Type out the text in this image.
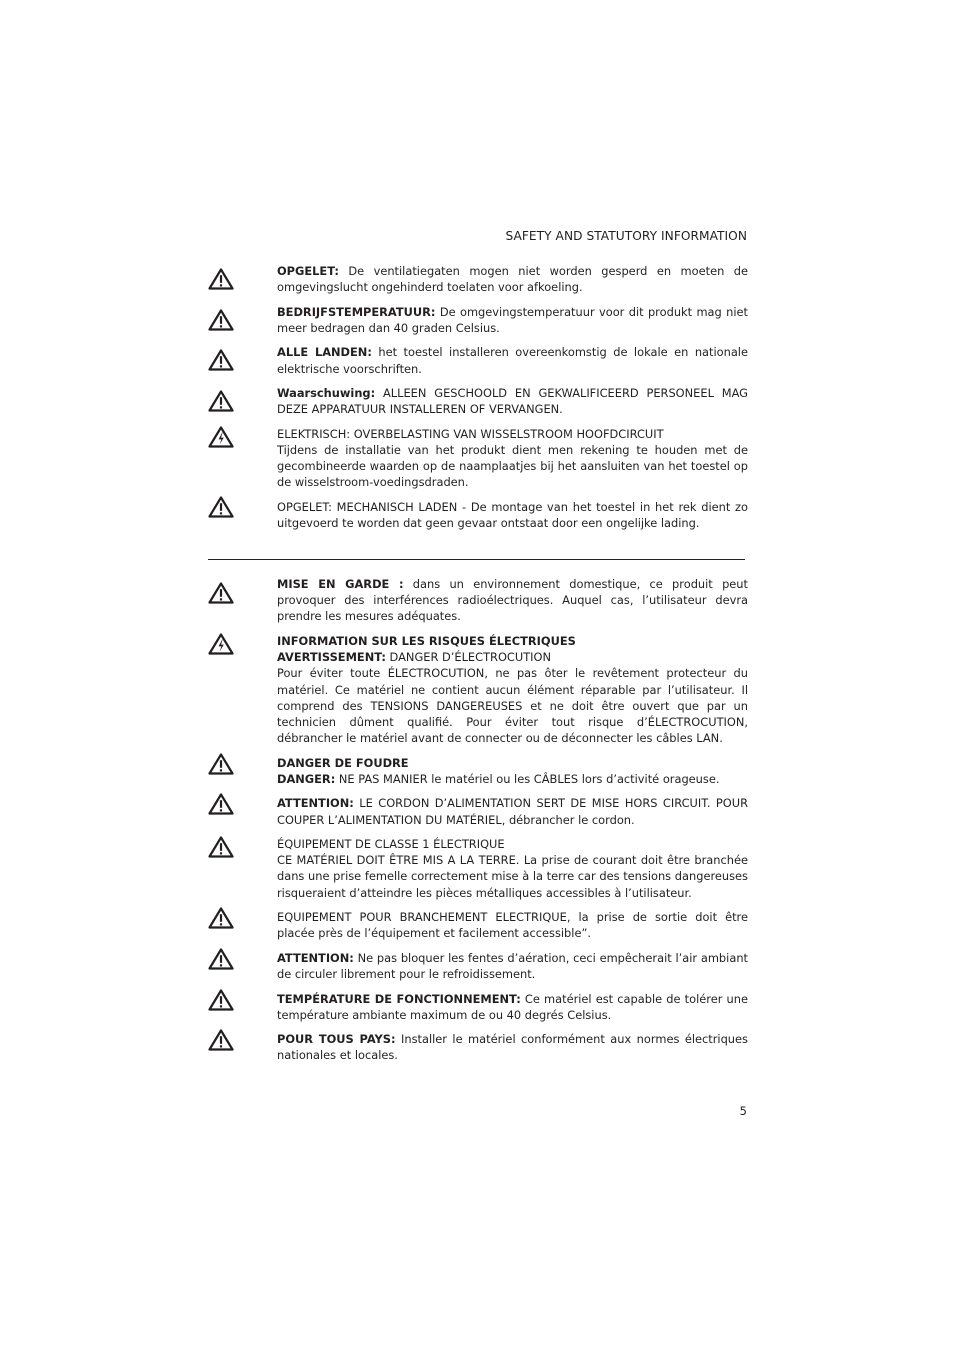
SAFETY AND STATUTORY INFORMATION
OPGELET: De ventilatiegaten mogen niet worden gesperd en moeten de omgevingslucht ongehinderd toelaten voor afkoeling.
BEDRIJFSTEMPERATUUR: De omgevingstemperatuur voor dit produkt mag niet meer bedragen dan 40 graden Celsius.
ALLE LANDEN: het toestel installeren overeenkomstig de lokale en nationale elektrische voorschriften.
Waarschuwing: ALLEEN GESCHOOLD EN GEKWALIFICEERD PERSONEEL MAG DEZE APPARATUUR INSTALLEREN OF VERVANGEN.
ELEKTRISCH: OVERBELASTING VAN WISSELSTROOM HOOFDCIRCUIT
Tijdens de installatie van het produkt dient men rekening te houden met de gecombineerde waarden op de naamplaatjes bij het aansluiten van het toestel op de wisselstroom-voedingsdraden.
OPGELET: MECHANISCH LADEN - De montage van het toestel in het rek dient zo uitgevoerd te worden dat geen gevaar ontstaat door een ongelijke lading.
MISE EN GARDE : dans un environnement domestique, ce produit peut provoquer des interférences radioélectriques. Auquel cas, l’utilisateur devra prendre les mesures adéquates.
INFORMATION SUR LES RISQUES ÉLECTRIQUES
AVERTISSEMENT: DANGER D’ÉLECTROCUTION
Pour éviter toute ÉLECTROCUTION, ne pas ôter le revêtement protecteur du matériel. Ce matériel ne contient aucun élément réparable par l’utilisateur. Il comprend des TENSIONS DANGEREUSES et ne doit être ouvert que par un technicien dûment qualifié. Pour éviter tout risque d’ÉLECTROCUTION, débrancher le matériel avant de connecter ou de déconnecter les câbles LAN.
DANGER DE FOUDRE
DANGER: NE PAS MANIER le matériel ou les CÂBLES lors d’activité orageuse.
ATTENTION: LE CORDON D’ALIMENTATION SERT DE MISE HORS CIRCUIT. POUR COUPER L’ALIMENTATION DU MATÉRIEL, débrancher le cordon.
ÉQUIPEMENT DE CLASSE 1 ÉLECTRIQUE
CE MATÉRIEL DOIT ÊTRE MIS A LA TERRE. La prise de courant doit être branchée dans une prise femelle correctement mise à la terre car des tensions dangereuses risqueraient d’atteindre les pièces métalliques accessibles à l’utilisateur.
EQUIPEMENT POUR BRANCHEMENT ELECTRIQUE, la prise de sortie doit être placée près de l’équipement et facilement accessible”.
ATTENTION: Ne pas bloquer les fentes d’aération, ceci empêcherait l’air ambiant de circuler librement pour le refroidissement.
TEMPÉRATURE DE FONCTIONNEMENT: Ce matériel est capable de tolérer une température ambiante maximum de ou 40 degrés Celsius.
POUR TOUS PAYS: Installer le matériel conformément aux normes électriques nationales et locales.
5
